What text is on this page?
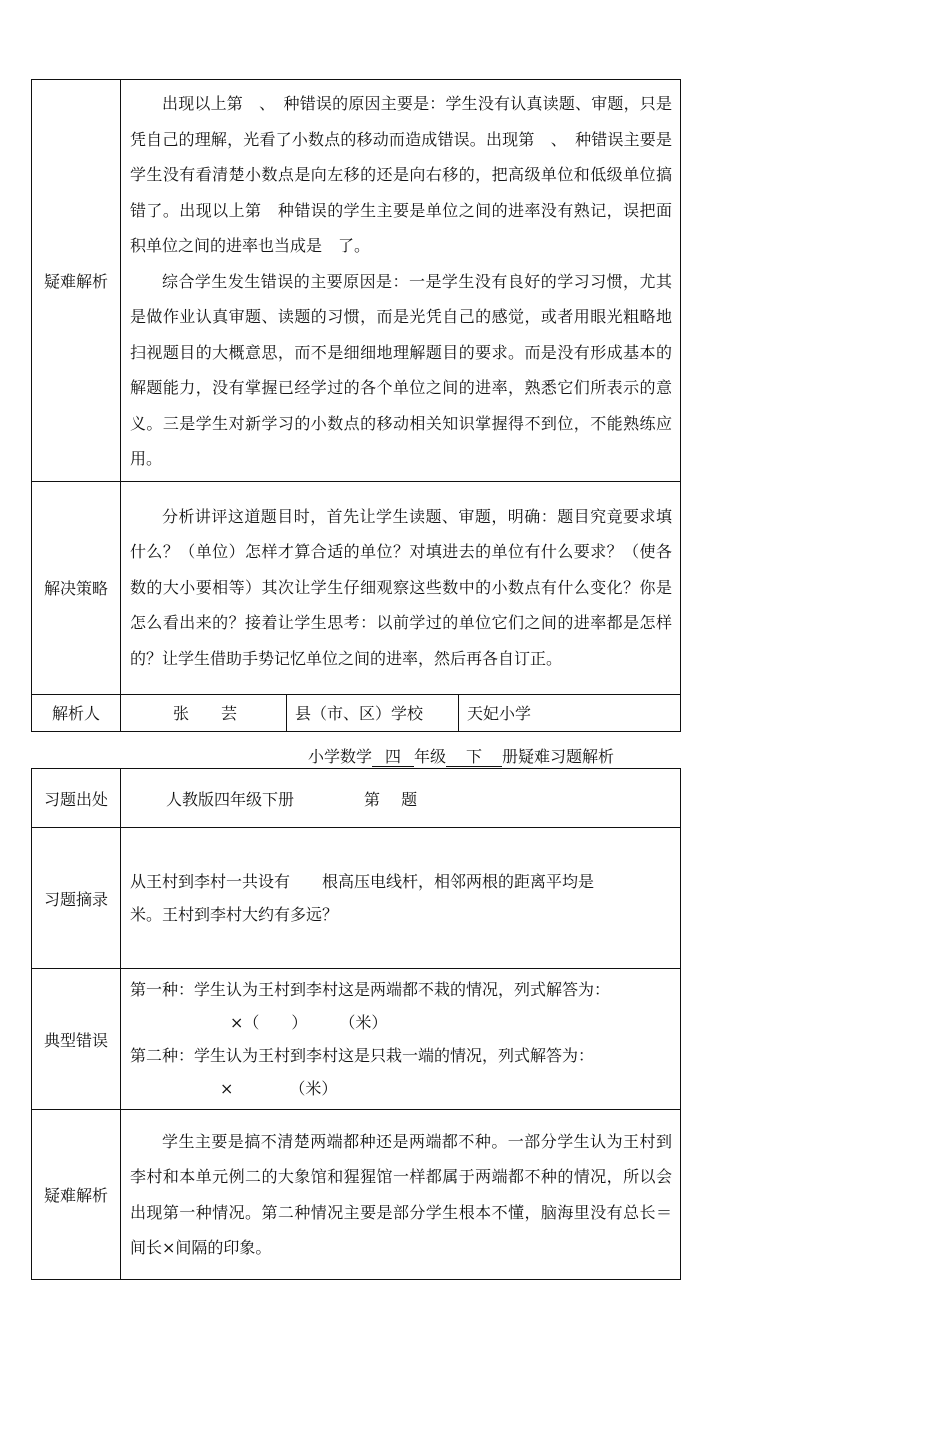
疑难解析	出现以上第　、　种错误的原因主要是：学生没有认真读题、审题，只是凭自己的理解，光看了小数点的移动而造成错误。出现第　、　种错误主要是学生没有看清楚小数点是向左移的还是向右移的，把高级单位和低级单位搞错了。出现以上第　种错误的学生主要是单位之间的进率没有熟记，误把面积单位之间的进率也当成是　了。

综合学生发生错误的主要原因是：一是学生没有良好的学习习惯，尤其是做作业认真审题、读题的习惯，而是光凭自己的感觉，或者用眼光粗略地扫视题目的大概意思，而不是细细地理解题目的要求。而是没有形成基本的解题能力，没有掌握已经学过的各个单位之间的进率，熟悉它们所表示的意义。三是学生对新学习的小数点的移动相关知识掌握得不到位，不能熟练应用。		

解决策略	分析讲评这道题目时，首先让学生读题、审题，明确：题目究竟要求填什么？（单位）怎样才算合适的单位？对填进去的单位有什么要求？（使各数的大小要相等）其次让学生仔细观察这些数中的小数点有什么变化？你是怎么看出来的？接着让学生思考：以前学过的单位它们之间的进率都是怎样的？让学生借助手势记忆单位之间的进率，然后再各自订正。		

解析人	张　　芸	县（市、区）学校	天妃小学
小学数学 四 年级 下 册疑难习题解析
习题出处	人教版四年级下册 第　 题
习题摘录	从王村到李村一共设有　　根高压电线杆，相邻两根的距离平均是

米。王村到李村大约有多远？

典型错误	第一种：学生认为王村到李村这是两端都不栽的情况，列式解答为：

×（　　）　　　（米）

第二种：学生认为王村到李村这是只栽一端的情况，列式解答为：

×　　　　（米）

疑难解析	学生主要是搞不清楚两端都种还是两端都不种。一部分学生认为王村到李村和本单元例二的大象馆和猩猩馆一样都属于两端都不种的情况，所以会出现第一种情况。第二种情况主要是部分学生根本不懂，脑海里没有总长＝间长×间隔的印象。
